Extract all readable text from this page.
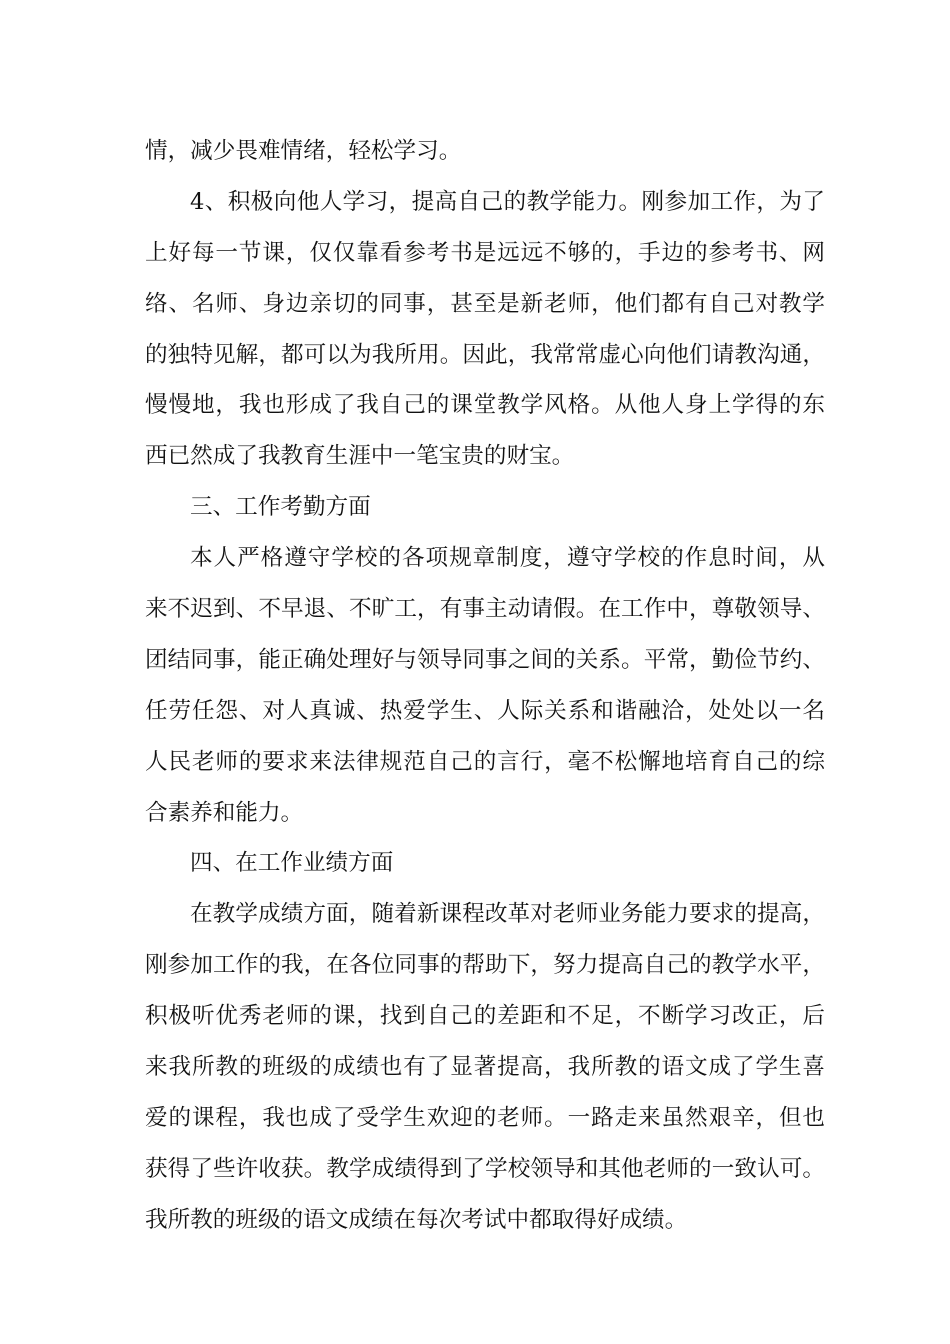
情，减少畏难情绪，轻松学习。
4、积极向他人学习，提高自己的教学能力。刚参加工作，为了
上好每一节课，仅仅靠看参考书是远远不够的，手边的参考书、网
络、名师、身边亲切的同事，甚至是新老师，他们都有自己对教学
的独特见解，都可以为我所用。因此，我常常虚心向他们请教沟通，
慢慢地，我也形成了我自己的课堂教学风格。从他人身上学得的东
西已然成了我教育生涯中一笔宝贵的财宝。
三、工作考勤方面
本人严格遵守学校的各项规章制度，遵守学校的作息时间，从
来不迟到、不早退、不旷工，有事主动请假。在工作中，尊敬领导、
团结同事，能正确处理好与领导同事之间的关系。平常，勤俭节约、
任劳任怨、对人真诚、热爱学生、人际关系和谐融洽，处处以一名
人民老师的要求来法律规范自己的言行，毫不松懈地培育自己的综
合素养和能力。
四、在工作业绩方面
在教学成绩方面，随着新课程改革对老师业务能力要求的提高，
刚参加工作的我，在各位同事的帮助下，努力提高自己的教学水平，
积极听优秀老师的课，找到自己的差距和不足，不断学习改正，后
来我所教的班级的成绩也有了显著提高，我所教的语文成了学生喜
爱的课程，我也成了受学生欢迎的老师。一路走来虽然艰辛，但也
获得了些许收获。教学成绩得到了学校领导和其他老师的一致认可。
我所教的班级的语文成绩在每次考试中都取得好成绩。
